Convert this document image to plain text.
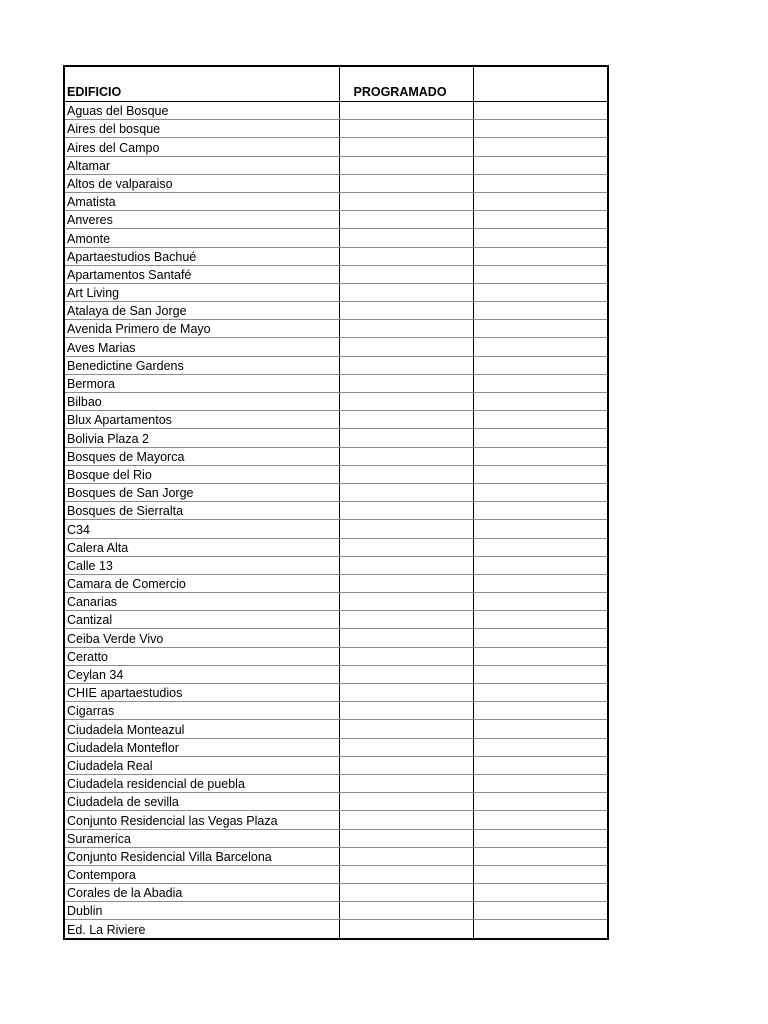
EDIFICIO	PROGRAMADO	
Aguas del Bosque		
Aires del bosque		
Aires del Campo		
Altamar		
Altos de valparaiso		
Amatista		
Anveres		
Amonte		
Apartaestudios Bachué		
Apartamentos Santafé		
Art Living		
Atalaya de San Jorge		
Avenida Primero de Mayo		
Aves Marias		
Benedictine Gardens		
Bermora		
Bilbao		
Blux Apartamentos		
Bolivia Plaza 2		
Bosques de Mayorca		
Bosque del Rio		
Bosques de San Jorge		
Bosques de Sierralta		
C34		
Calera Alta		
Calle 13		
Camara de Comercio		
Canarias		
Cantizal		
Ceiba Verde Vivo		
Ceratto		
Ceylan 34		
CHIE apartaestudios		
Cigarras		
Ciudadela Monteazul		
Ciudadela Monteflor		
Ciudadela Real		
Ciudadela residencial de puebla		
Ciudadela de sevilla		
Conjunto Residencial las Vegas Plaza		
Suramerica		
Conjunto Residencial Villa Barcelona		
Contempora		
Corales de la Abadia		
Dublin		
Ed. La Riviere		
